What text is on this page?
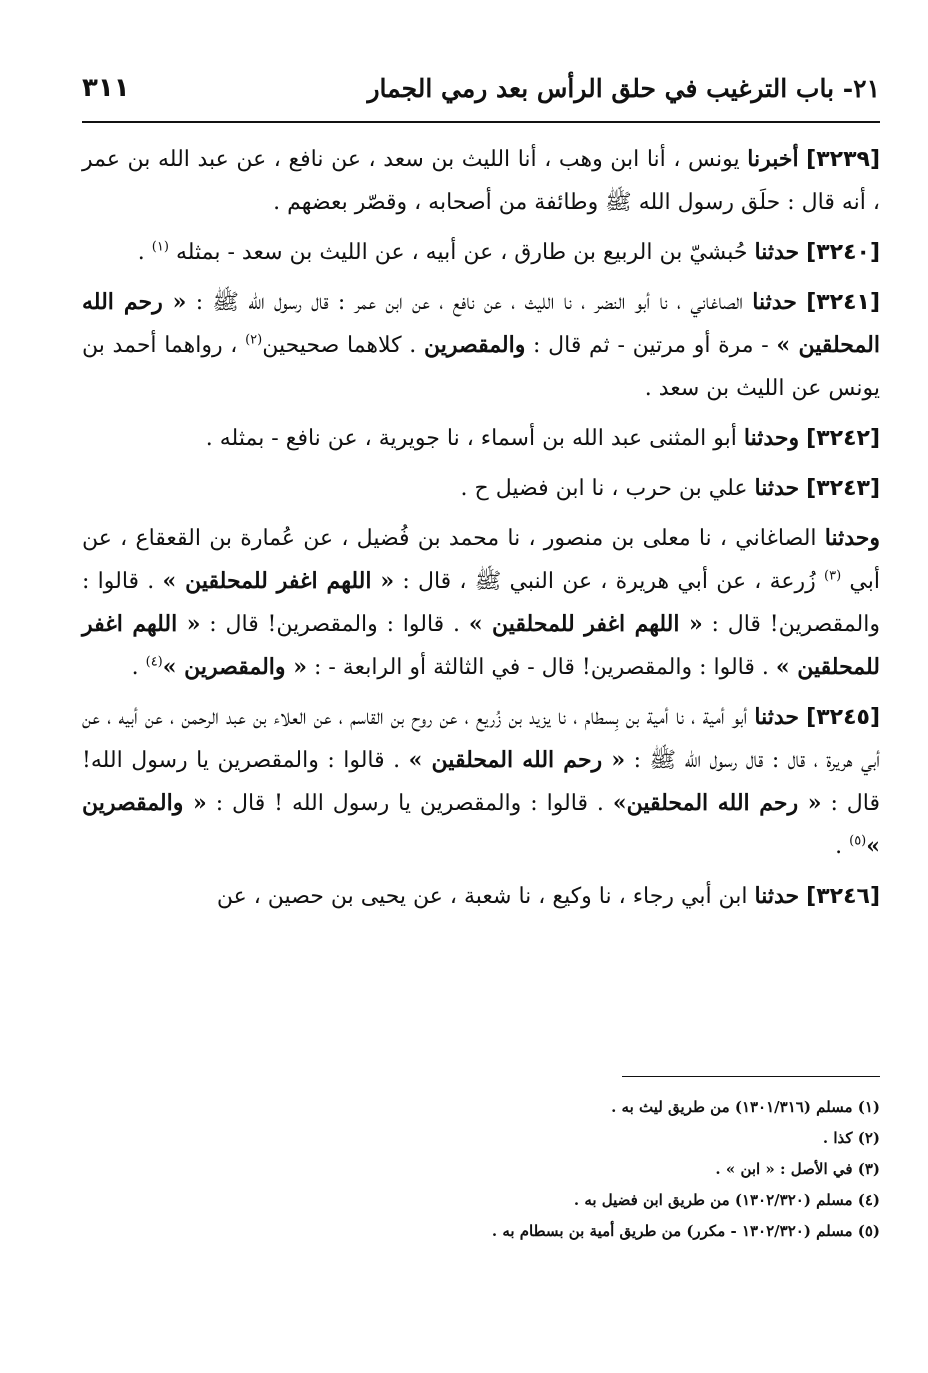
٢١- باب الترغيب في حلق الرأس بعد رمي الجمار
٣١١

[٣٢٣٩] أخبرنا يونس ، أنا ابن وهب ، أنا الليث بن سعد ، عن نافع ، عن عبد الله بن عمر ، أنه قال : حلَق رسول الله ﷺ وطائفة من أصحابه ، وقصّر بعضهم .

[٣٢٤٠] حدثنا حُبشيّ بن الربيع بن طارق ، عن أبيه ، عن الليث بن سعد - بمثله $^{(١)}$ .

[٣٢٤١] حدثنا الصاغاني ، نا أبو النضر ، نا الليث ، عن نافع ، عن ابن عمر : قال رسول الله ﷺ : « رحم الله المحلقين » - مرة أو مرتين - ثم قال : والمقصرين . كلاهما صحيحين$^{(٢)}$ ، رواهما أحمد بن يونس عن الليث بن سعد .

[٣٢٤٢] وحدثنا أبو المثنى عبد الله بن أسماء ، نا جويرية ، عن نافع - بمثله .

[٣٢٤٣] حدثنا علي بن حرب ، نا ابن فضيل ح .

وحدثنا الصاغاني ، نا معلى بن منصور ، نا محمد بن فُضيل ، عن عُمارة بن القعقاع ، عن أبي $^{(٣)}$ زُرعة ، عن أبي هريرة ، عن النبي ﷺ ، قال : « اللهم اغفر للمحلقين » . قالوا : والمقصرين! قال : « اللهم اغفر للمحلقين » . قالوا : والمقصرين! قال : « اللهم اغفر للمحلقين » . قالوا : والمقصرين! قال - في الثالثة أو الرابعة - : « والمقصرين »$^{(٤)}$ .

[٣٢٤٥] حدثنا أبو أمية ، نا أمية بن بِسطام ، نا يزيد بن زُريع ، عن روح بن القاسم ، عن العلاء بن عبد الرحمن ، عن أبيه ، عن أبي هريرة ، قال : قال رسول الله ﷺ : « رحم الله المحلقين » . قالوا : والمقصرين يا رسول الله! قال : « رحم الله المحلقين» . قالوا : والمقصرين يا رسول الله ! قال : « والمقصرين »$^{(٥)}$ .

[٣٢٤٦] حدثنا ابن أبي رجاء ، نا وكيع ، نا شعبة ، عن يحيى بن حصين ، عن

(١) مسلم (١٣٠١/٣١٦) من طريق ليث به .

(٢) كذا .

(٣) في الأصل : « ابن » .

(٤) مسلم (١٣٠٢/٣٢٠) من طريق ابن فضيل به .

(٥) مسلم (١٣٠٢/٣٢٠ - مكرر) من طريق أمية بن بسطام به .
